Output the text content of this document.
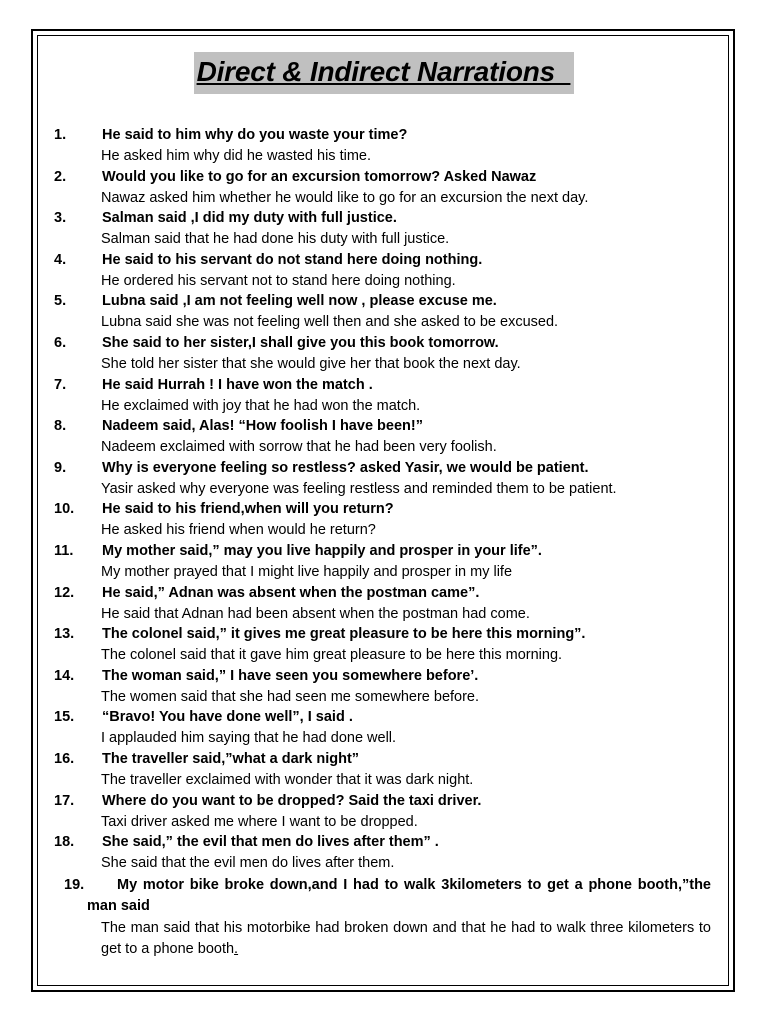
Direct & Indirect Narrations_
1. He said to him why do you waste your time?
He asked him why did he wasted his time.
2. Would you like to go for an excursion tomorrow? Asked Nawaz
Nawaz asked him whether he would like to go for an excursion the next day.
3. Salman said ,I did my duty with full justice.
Salman said that he had done his duty with full justice.
4. He said to his servant do not stand here doing nothing.
He ordered his servant not to stand here doing nothing.
5. Lubna said ,I am not feeling well now , please excuse me.
Lubna said she was not feeling well then and she asked to be excused.
6. She said to her sister,I shall give you this book tomorrow.
She told her sister that she would give her that book the next day.
7. He said Hurrah ! I have won the match .
He exclaimed with joy that he had won the match.
8. Nadeem said, Alas! “How foolish I have been!”
Nadeem exclaimed with sorrow that he had been very foolish.
9. Why is everyone feeling so restless? asked Yasir, we would be patient.
Yasir asked why everyone was feeling restless and reminded them to be patient.
10. He said to his friend,when will you return?
He asked his friend when would he return?
11. My mother said,” may you live happily and prosper in your life”.
My mother prayed that I might live happily and prosper in my life
12. He said,” Adnan was absent when the postman came”.
He said that Adnan had been absent when the postman had come.
13. The colonel said,” it gives me great pleasure to be here this morning”.
The colonel said that it gave him great pleasure to be here this morning.
14. The woman said,” I have seen you somewhere before’.
The women said that she had seen me somewhere before.
15. “Bravo! You have done well”, I said .
I applauded him saying that he had done well.
16. The traveller said,”what a dark night”
The traveller exclaimed with wonder that it was dark night.
17. Where do you want to be dropped? Said the taxi driver.
Taxi driver asked me where I want to be dropped.
18. She said,” the evil that men do lives after them” .
She said that the evil men do lives after them.
19.	My motor bike broke down,and I had to walk 3kilometers to get a phone booth,”the man said
The man said that his motorbike had broken down and that he had to walk three kilometers to get to a phone booth.
